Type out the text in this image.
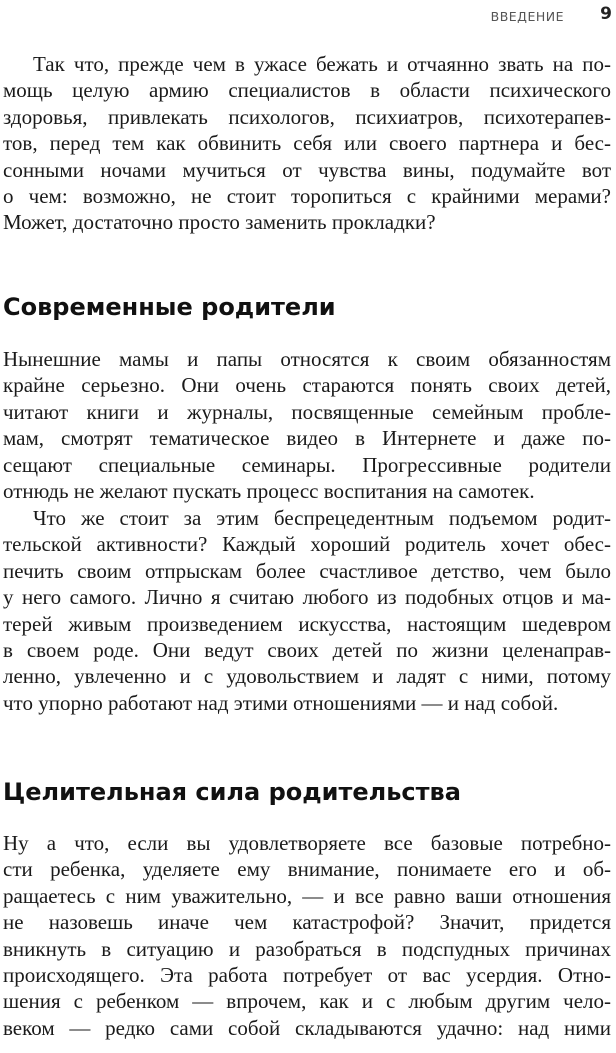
ВВЕДЕНИЕ 9
Так что, прежде чем в ужасе бежать и отчаянно звать на по-
мощь целую армию специалистов в области психического
здоровья, привлекать психологов, психиатров, психотерапев-
тов, перед тем как обвинить себя или своего партнера и бес-
сонными ночами мучиться от чувства вины, подумайте вот
о чем: возможно, не стоит торопиться с крайними мерами?
Может, достаточно просто заменить прокладки?
Современные родители
Нынешние мамы и папы относятся к своим обязанностям
крайне серьезно. Они очень стараются понять своих детей,
читают книги и журналы, посвященные семейным пробле-
мам, смотрят тематическое видео в Интернете и даже по-
сещают специальные семинары. Прогрессивные родители
отнюдь не желают пускать процесс воспитания на самотек.
Что же стоит за этим беспрецедентным подъемом родит-
тельской активности? Каждый хороший родитель хочет обес-
печить своим отпрыскам более счастливое детство, чем было
у него самого. Лично я считаю любого из подобных отцов и ма-
терей живым произведением искусства, настоящим шедевром
в своем роде. Они ведут своих детей по жизни целенаправ-
ленно, увлеченно и с удовольствием и ладят с ними, потому
что упорно работают над этими отношениями — и над собой.
Целительная сила родительства
Ну а что, если вы удовлетворяете все базовые потребно-
сти ребенка, уделяете ему внимание, понимаете его и об-
ращаетесь с ним уважительно, — и все равно ваши отношения
не назовешь иначе чем катастрофой? Значит, придется
вникнуть в ситуацию и разобраться в подспудных причинах
происходящего. Эта работа потребует от вас усердия. Отно-
шения с ребенком — впрочем, как и с любым другим чело-
веком — редко сами собой складываются удачно: над ними
